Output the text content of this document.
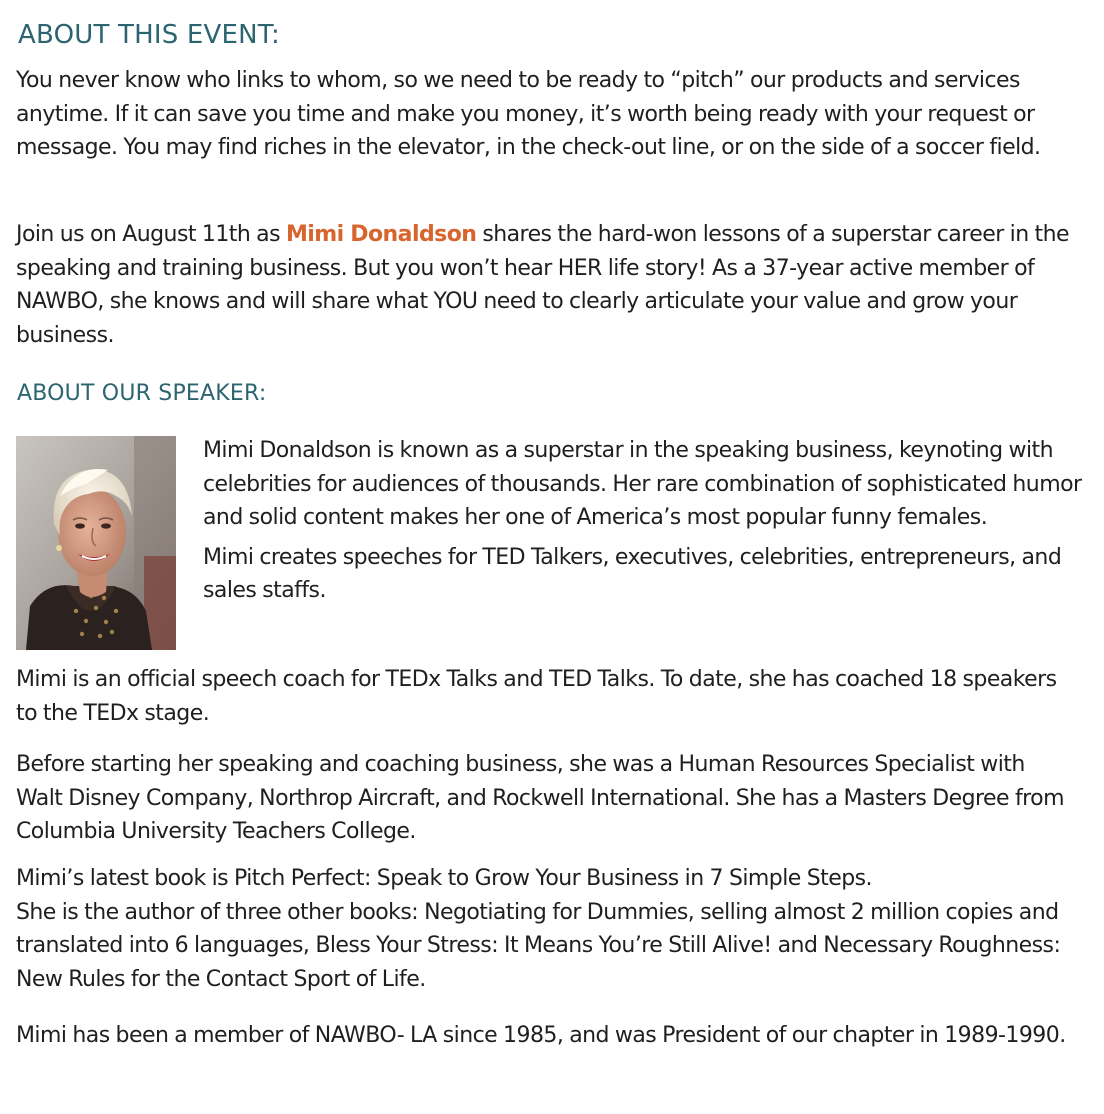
ABOUT THIS EVENT:

You never know who links to whom, so we need to be ready to “pitch” our products and services anytime. If it can save you time and make you money, it’s worth being ready with your request or message. You may find riches in the elevator, in the check-out line, or on the side of a soccer field.

Join us on August 11th as Mimi Donaldson shares the hard-won lessons of a superstar career in the speaking and training business. But you won’t hear HER life story! As a 37-year active member of NAWBO, she knows and will share what YOU need to clearly articulate your value and grow your business.

ABOUT OUR SPEAKER:

Mimi Donaldson is known as a superstar in the speaking business, keynoting with celebrities for audiences of thousands. Her rare combination of sophisticated humor and solid content makes her one of America’s most popular funny females.

Mimi creates speeches for TED Talkers, executives, celebrities, entrepreneurs, and sales staffs.

Mimi is an official speech coach for TEDx Talks and TED Talks. To date, she has coached 18 speakers to the TEDx stage.

Before starting her speaking and coaching business, she was a Human Resources Specialist with Walt Disney Company, Northrop Aircraft, and Rockwell International. She has a Masters Degree from Columbia University Teachers College.

Mimi’s latest book is Pitch Perfect: Speak to Grow Your Business in 7 Simple Steps.
She is the author of three other books: Negotiating for Dummies, selling almost 2 million copies and translated into 6 languages, Bless Your Stress: It Means You’re Still Alive! and Necessary Roughness: New Rules for the Contact Sport of Life.

Mimi has been a member of NAWBO- LA since 1985, and was President of our chapter in 1989-1990.
